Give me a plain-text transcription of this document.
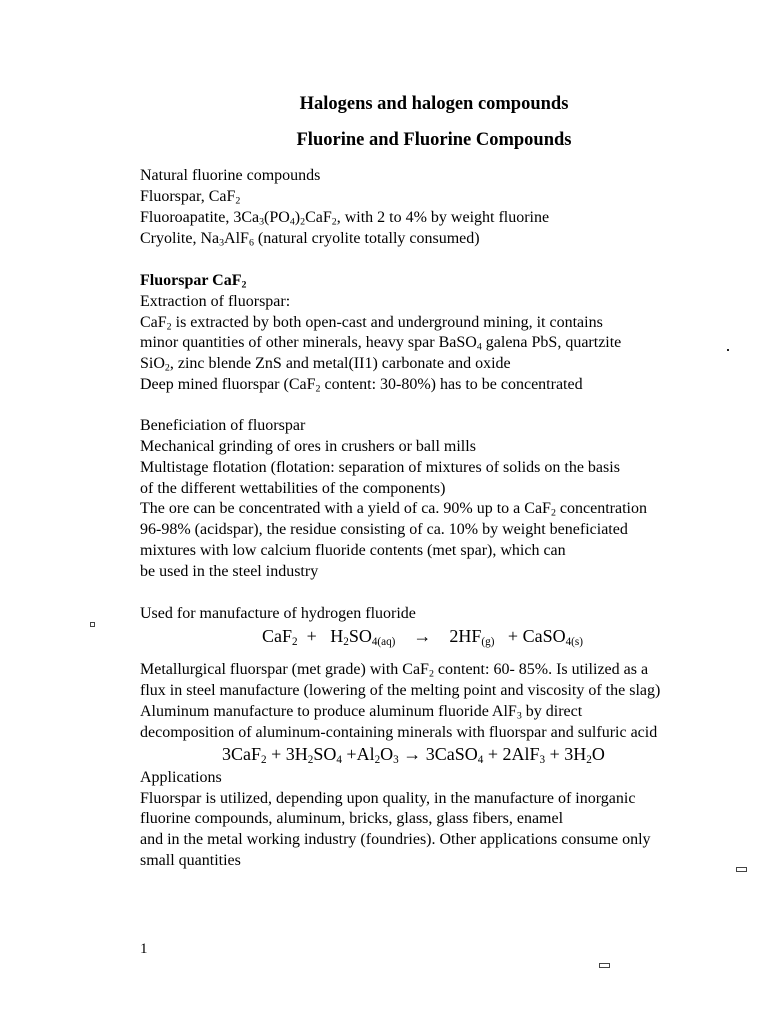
Halogens and halogen compounds
Fluorine and Fluorine Compounds
Natural fluorine compounds
Fluorspar, CaF$_2$
Fluoroapatite, $3Ca_3(PO_4)_2CaF_2$, with 2 to 4% by weight fluorine
Cryolite, $Na_3AlF_6$ (natural cryolite totally consumed)
Fluorspar CaF$_2$
Extraction of fluorspar:
CaF$_2$ is extracted by both open-cast and underground mining, it contains
minor quantities of other minerals, heavy spar BaSO$_4$ galena PbS, quartzite
SiO$_2$, zinc blende ZnS and metal(II1) carbonate and oxide
Deep mined fluorspar (CaF$_2$ content: 30-80%) has to be concentrated
Beneficiation of fluorspar
Mechanical grinding of ores in crushers or ball mills
Multistage flotation (flotation: separation of mixtures of solids on the basis
of the different wettabilities of the components)
The ore can be concentrated with a yield of ca. 90% up to a CaF$_2$ concentration
96-98% (acidspar), the residue consisting of ca. 10% by weight beneficiated
mixtures with low calcium fluoride contents (met spar), which can
be used in the steel industry
Used for manufacture of hydrogen fluoride
$CaF_2 + H_2SO_{4(aq)} \to 2HF_{(g)}$ + CaSO$_{4(s)}$
Metallurgical fluorspar (met grade) with CaF$_2$ content: 60- 85%. Is utilized as a
flux in steel manufacture (lowering of the melting point and viscosity of the slag)
Aluminum manufacture to produce aluminum fluoride AlF$_3$ by direct
decomposition of aluminum-containing minerals with fluorspar and sulfuric acid
$3CaF_2 + 3H_2SO_4 +Al_2O_3$ → 3CaSO$_4$ + $2AlF_3 + 3H_2O$
Applications
Fluorspar is utilized, depending upon quality, in the manufacture of inorganic
fluorine compounds, aluminum, bricks, glass, glass fibers, enamel
and in the metal working industry (foundries). Other applications consume only
small quantities
1
